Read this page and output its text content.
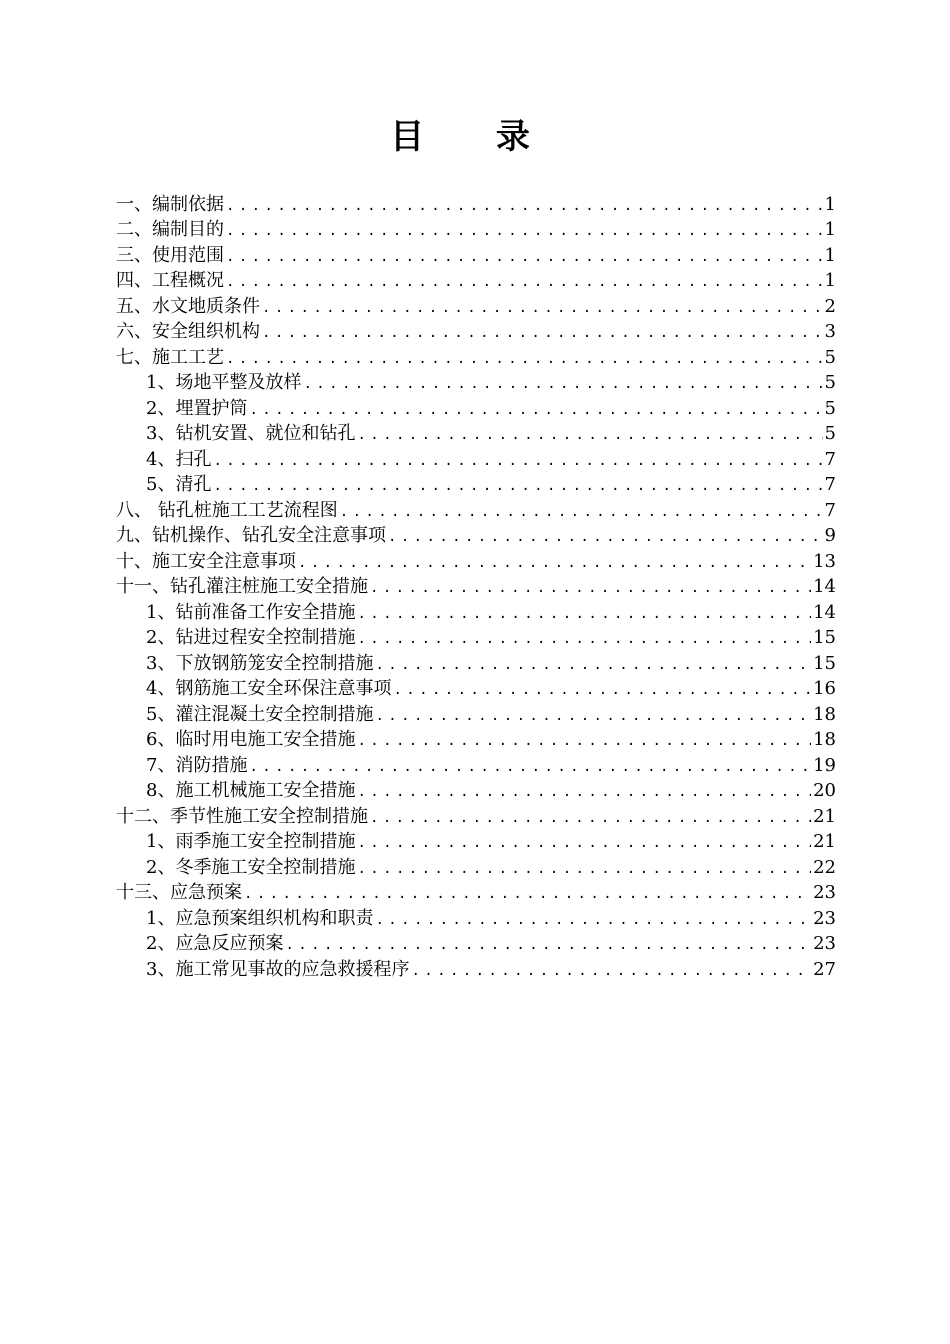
目 录
一、编制依据 .....	1
二、编制目的 .....	1
三、使用范围 .....	1
四、工程概况 .....	1
五、水文地质条件 .....	2
六、安全组织机构 .....	3
七、施工工艺 .....	5
1、场地平整及放样 .....	5
2、埋置护筒 .....	5
3、钻机安置、就位和钻孔 .....	5
4、扫孔 .....	7
5、清孔 .....	7
八、 钻孔桩施工工艺流程图 .....	7
九、钻机操作、钻孔安全注意事项 .....	9
十、施工安全注意事项 .....	13
十一、钻孔灌注桩施工安全措施 .....	14
1、钻前准备工作安全措施 .....	14
2、钻进过程安全控制措施 .....	15
3、下放钢筋笼安全控制措施 .....	15
4、钢筋施工安全环保注意事项 .....	16
5、灌注混凝土安全控制措施 .....	18
6、临时用电施工安全措施 .....	18
7、消防措施 .....	19
8、施工机械施工安全措施 .....	20
十二、季节性施工安全控制措施 .....	21
1、雨季施工安全控制措施 .....	21
2、冬季施工安全控制措施 .....	22
十三、应急预案 .....	23
1、应急预案组织机构和职责 .....	23
2、应急反应预案 .....	23
3、施工常见事故的应急救援程序 .....	27
